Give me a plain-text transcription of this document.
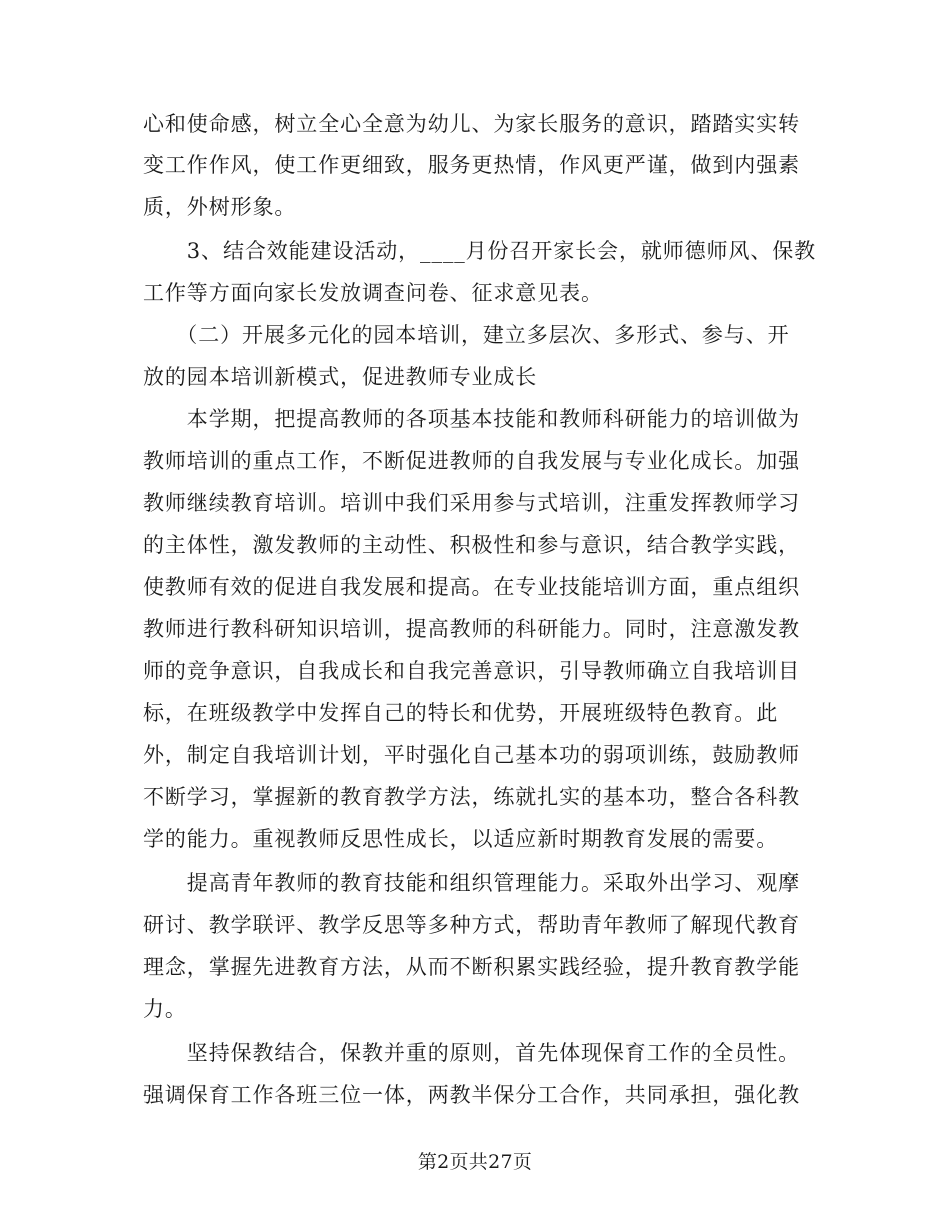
心和使命感，树立全心全意为幼儿、为家长服务的意识，踏踏实实转
变工作作风，使工作更细致，服务更热情，作风更严谨，做到内强素
质，外树形象。
　　3、结合效能建设活动，____月份召开家长会，就师德师风、保教
工作等方面向家长发放调查问卷、征求意见表。
　　（二）开展多元化的园本培训，建立多层次、多形式、参与、开
放的园本培训新模式，促进教师专业成长
　　本学期，把提高教师的各项基本技能和教师科研能力的培训做为
教师培训的重点工作，不断促进教师的自我发展与专业化成长。加强
教师继续教育培训。培训中我们采用参与式培训，注重发挥教师学习
的主体性，激发教师的主动性、积极性和参与意识，结合教学实践，
使教师有效的促进自我发展和提高。在专业技能培训方面，重点组织
教师进行教科研知识培训，提高教师的科研能力。同时，注意激发教
师的竞争意识，自我成长和自我完善意识，引导教师确立自我培训目
标，在班级教学中发挥自己的特长和优势，开展班级特色教育。此
外，制定自我培训计划，平时强化自己基本功的弱项训练，鼓励教师
不断学习，掌握新的教育教学方法，练就扎实的基本功，整合各科教
学的能力。重视教师反思性成长，以适应新时期教育发展的需要。
　　提高青年教师的教育技能和组织管理能力。采取外出学习、观摩
研讨、教学联评、教学反思等多种方式，帮助青年教师了解现代教育
理念，掌握先进教育方法，从而不断积累实践经验，提升教育教学能
力。
　　坚持保教结合，保教并重的原则，首先体现保育工作的全员性。
强调保育工作各班三位一体，两教半保分工合作，共同承担，强化教
第2页共27页
